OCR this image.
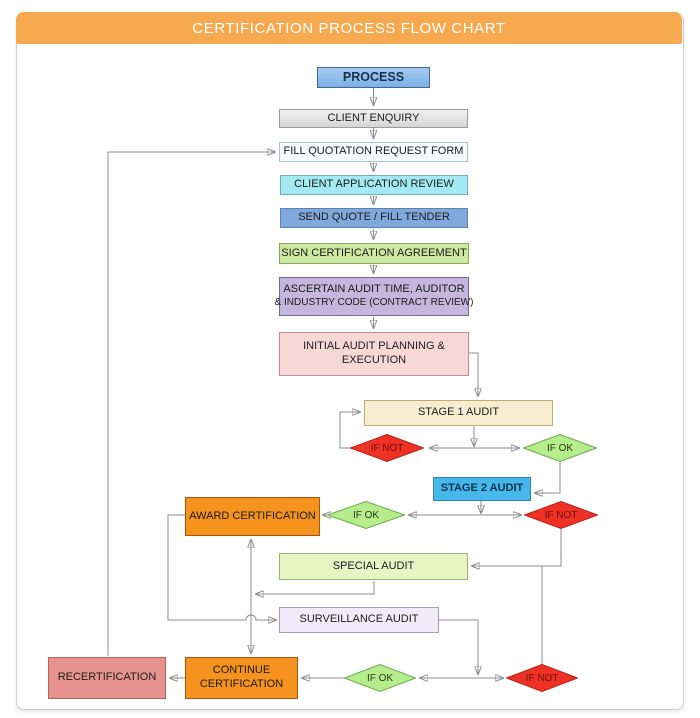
CERTIFICATION PROCESS FLOW CHART
PROCESS
CLIENT ENQUIRY
FILL QUOTATION REQUEST FORM
CLIENT APPLICATION REVIEW
SEND QUOTE / FILL TENDER
SIGN CERTIFICATION AGREEMENT
ASCERTAIN AUDIT TIME, AUDITOR
& INDUSTRY CODE (CONTRACT REVIEW)
INITIAL AUDIT PLANNING &
EXECUTION
STAGE 1 AUDIT
STAGE 2 AUDIT
AWARD CERTIFICATION
SPECIAL AUDIT
SURVEILLANCE AUDIT
CONTINUE
CERTIFICATION
RECERTIFICATION
IF NOT	IF OK
IF OK	IF NOT
IF OK	IF NOT
